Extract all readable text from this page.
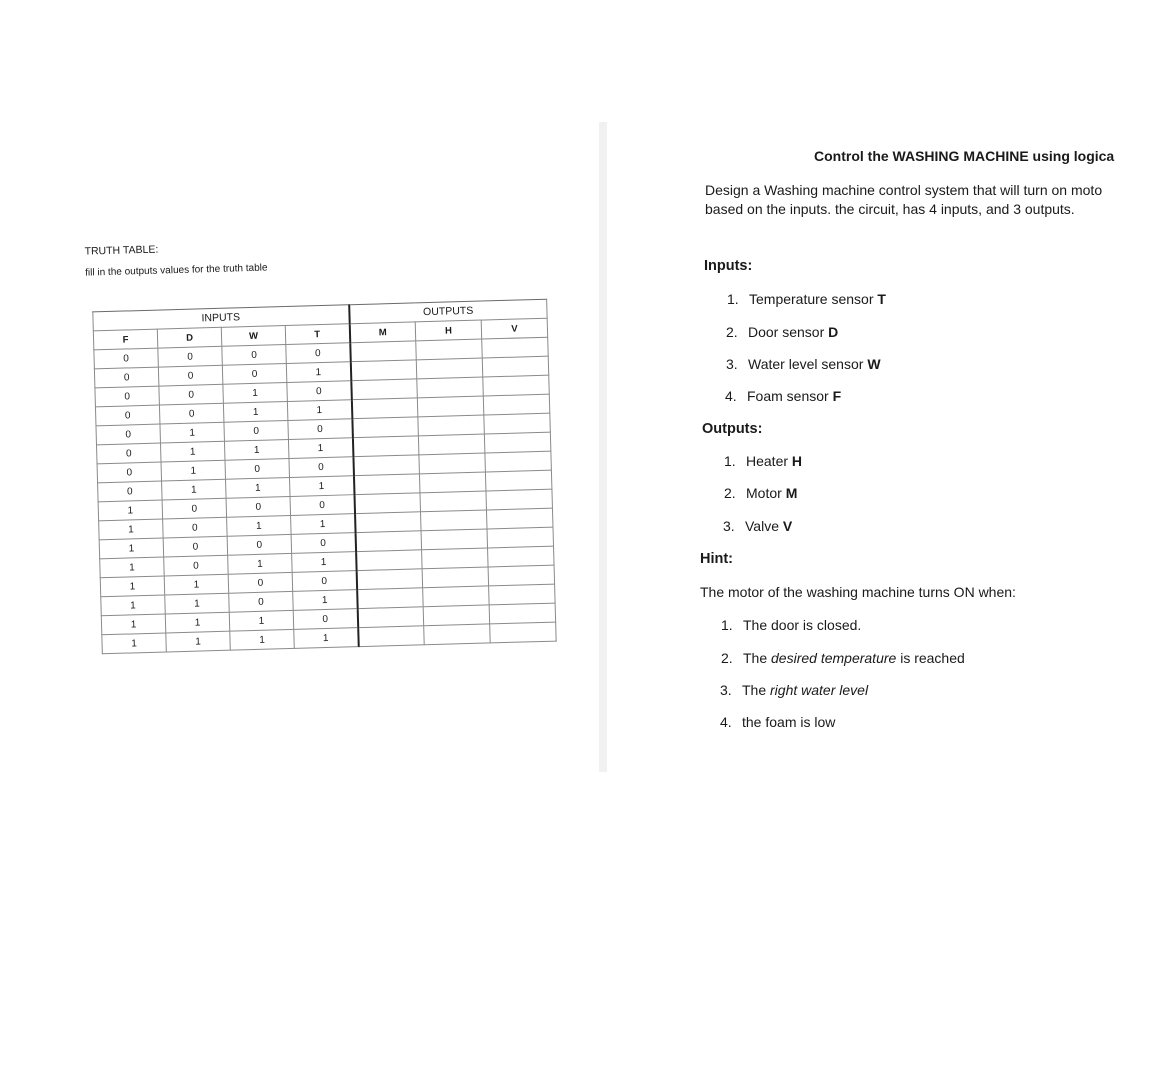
TRUTH TABLE:
fill in the outputs values for the truth table
INPUTS				OUTPUTS		
F	D	W	T	M	H	V
0	0	0	0			
0	0	0	1			
0	0	1	0			
0	0	1	1			
0	1	0	0			
0	1	1	1			
0	1	0	0			
0	1	1	1			
1	0	0	0			
1	0	1	1			
1	0	0	0			
1	0	1	1			
1	1	0	0			
1	1	0	1			
1	1	1	0			
1	1	1	1			
Control the WASHING MACHINE using logica
Design a Washing machine control system that will turn on moto
based on the inputs. the circuit, has 4 inputs, and 3 outputs.
Inputs:
1. Temperature sensor T
2. Door sensor D
3. Water level sensor W
4. Foam sensor F
Outputs:
1. Heater H
2. Motor M
3. Valve V
Hint:
The motor of the washing machine turns ON when:
1. The door is closed.
2. The desired temperature is reached
3. The right water level
4. the foam is low
